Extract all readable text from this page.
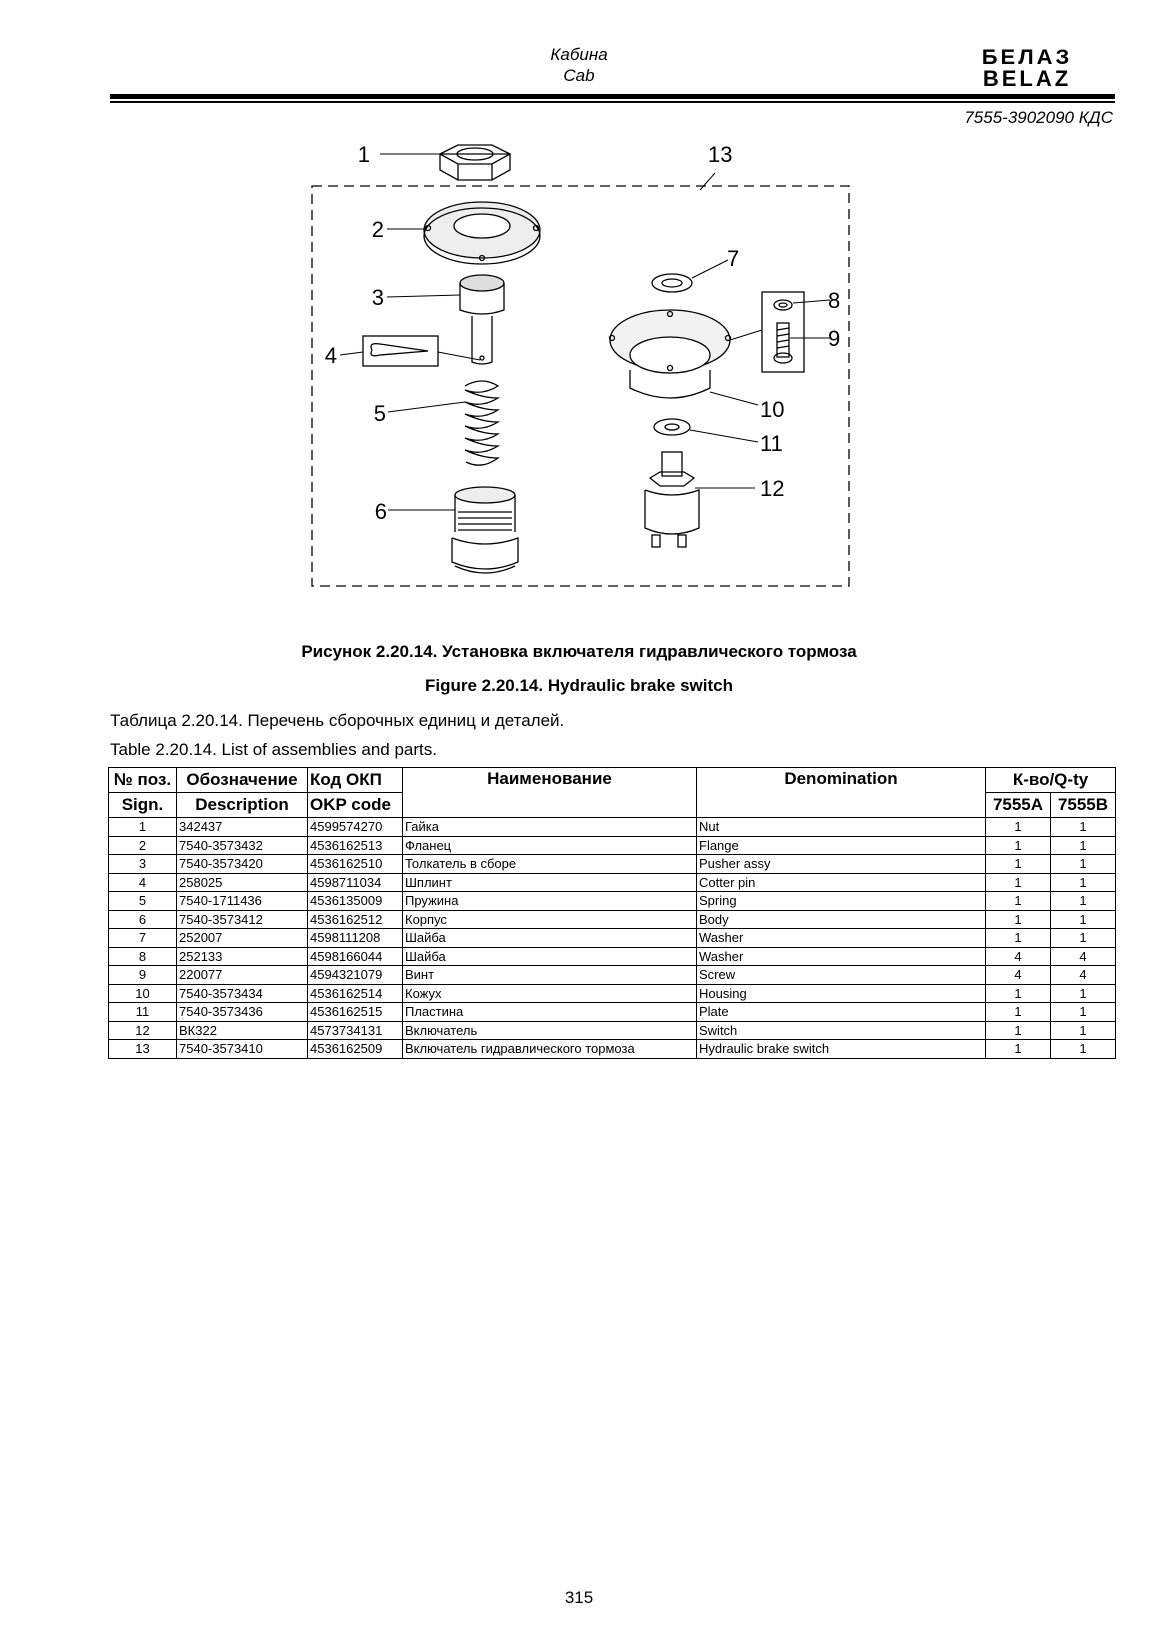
Кабина
Cab
БЕЛАЗ
BELAZ
7555-3902090 КДС
1
2
3
4
5
6
7
8
9
10
11
12
13
Рисунок 2.20.14. Установка включателя гидравлического тормоза
Figure 2.20.14. Hydraulic brake switch
Таблица 2.20.14. Перечень сборочных единиц и деталей.
Table 2.20.14. List of assemblies and parts.
№ поз.	Обозначение	Код ОКП	Наименование	Denomination	К-во/Q-ty	
Sign.	Description	OKP code			7555A	7555B
1	342437	4599574270	Гайка	Nut	1	1
2	7540-3573432	4536162513	Фланец	Flange	1	1
3	7540-3573420	4536162510	Толкатель в сборе	Pusher assy	1	1
4	258025	4598711034	Шплинт	Cotter pin	1	1
5	7540-1711436	4536135009	Пружина	Spring	1	1
6	7540-3573412	4536162512	Корпус	Body	1	1
7	252007	4598111208	Шайба	Washer	1	1
8	252133	4598166044	Шайба	Washer	4	4
9	220077	4594321079	Винт	Screw	4	4
10	7540-3573434	4536162514	Кожух	Housing	1	1
11	7540-3573436	4536162515	Пластина	Plate	1	1
12	ВК322	4573734131	Включатель	Switch	1	1
13	7540-3573410	4536162509	Включатель гидравлического тормоза	Hydraulic brake switch	1	1
315
